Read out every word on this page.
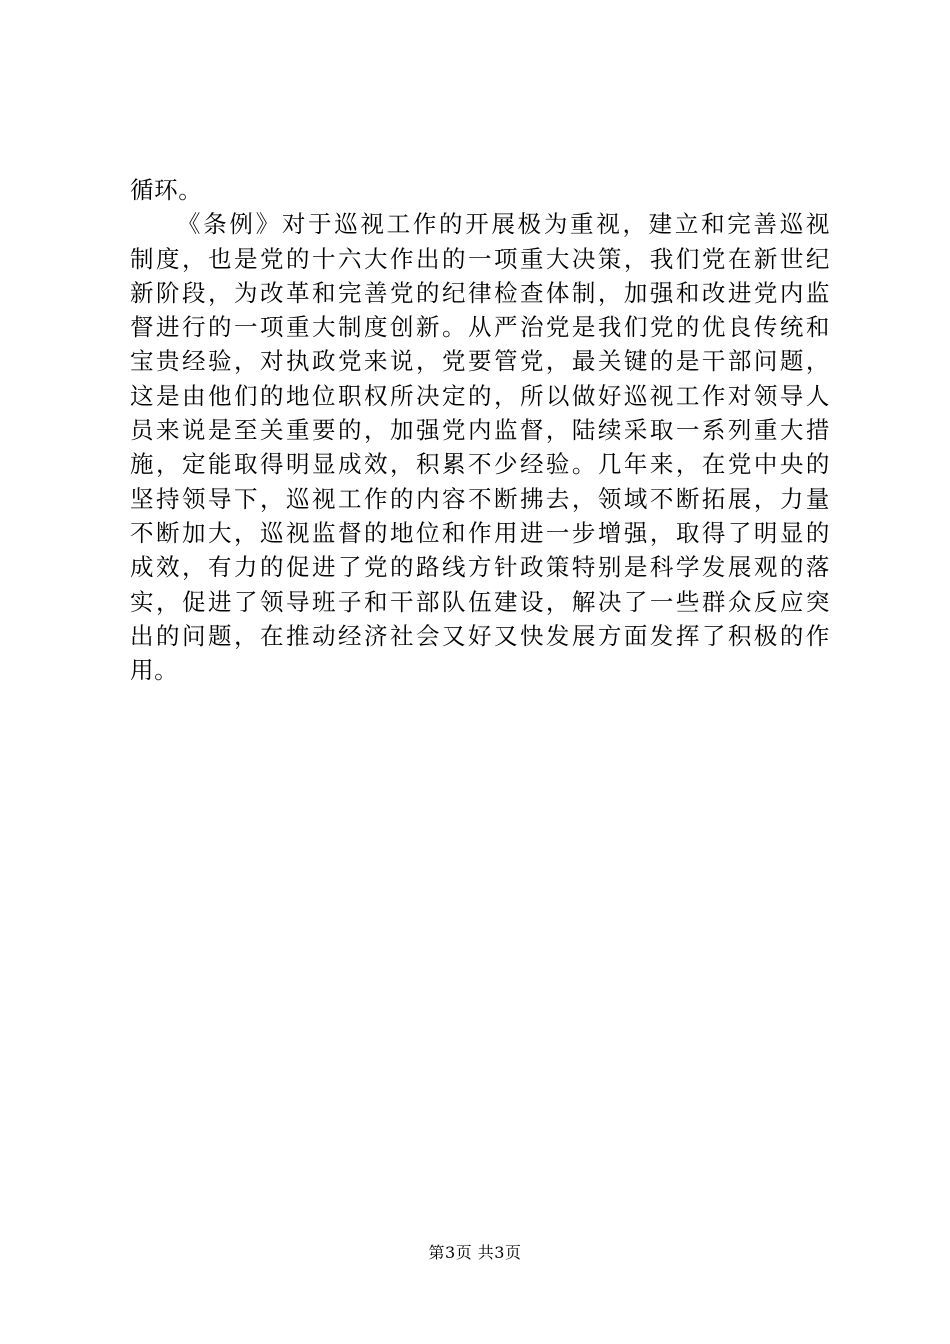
循环。
《条例》对于巡视工作的开展极为重视，建立和完善巡视
制度，也是党的十六大作出的一项重大决策，我们党在新世纪
新阶段，为改革和完善党的纪律检查体制，加强和改进党内监
督进行的一项重大制度创新。从严治党是我们党的优良传统和
宝贵经验，对执政党来说，党要管党，最关键的是干部问题，
这是由他们的地位职权所决定的，所以做好巡视工作对领导人
员来说是至关重要的，加强党内监督，陆续采取一系列重大措
施，定能取得明显成效，积累不少经验。几年来，在党中央的
坚持领导下，巡视工作的内容不断拂去，领域不断拓展，力量
不断加大，巡视监督的地位和作用进一步增强，取得了明显的
成效，有力的促进了党的路线方针政策特别是科学发展观的落
实，促进了领导班子和干部队伍建设，解决了一些群众反应突
出的问题，在推动经济社会又好又快发展方面发挥了积极的作
用。
第3页 共3页
